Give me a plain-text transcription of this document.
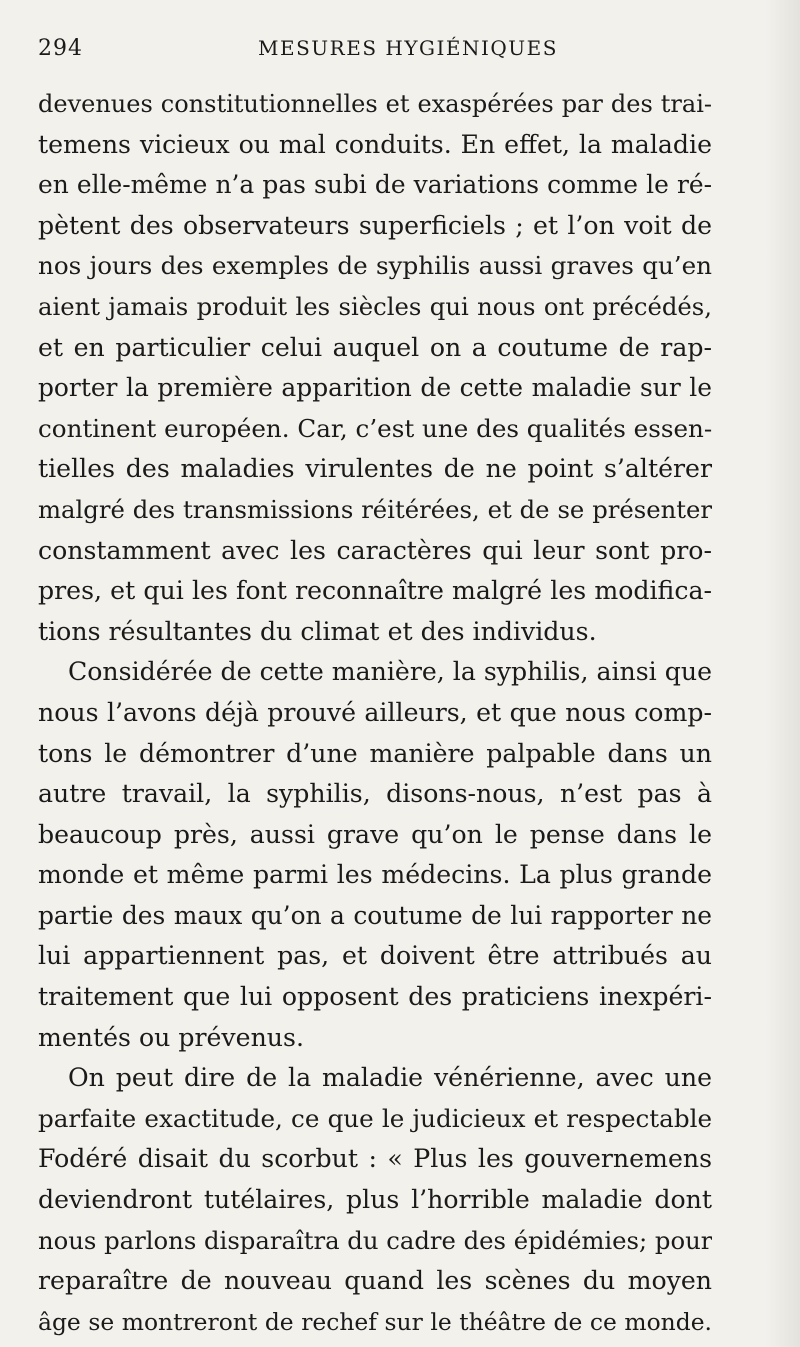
294	MESURES HYGIÉNIQUES
devenues constitutionnelles et exaspérées par des trai-
temens vicieux ou mal conduits. En effet, la maladie
en elle-même n’a pas subi de variations comme le ré-
pètent des observateurs superficiels ; et l’on voit de
nos jours des exemples de syphilis aussi graves qu’en
aient jamais produit les siècles qui nous ont précédés,
et en particulier celui auquel on a coutume de rap-
porter la première apparition de cette maladie sur le
continent européen. Car, c’est une des qualités essen-
tielles des maladies virulentes de ne point s’altérer
malgré des transmissions réitérées, et de se présenter
constamment avec les caractères qui leur sont pro-
pres, et qui les font reconnaître malgré les modifica-
tions résultantes du climat et des individus.
Considérée de cette manière, la syphilis, ainsi que
nous l’avons déjà prouvé ailleurs, et que nous comp-
tons le démontrer d’une manière palpable dans un
autre travail, la syphilis, disons-nous, n’est pas à
beaucoup près, aussi grave qu’on le pense dans le
monde et même parmi les médecins. La plus grande
partie des maux qu’on a coutume de lui rapporter ne
lui appartiennent pas, et doivent être attribués au
traitement que lui opposent des praticiens inexpéri-
mentés ou prévenus.
On peut dire de la maladie vénérienne, avec une
parfaite exactitude, ce que le judicieux et respectable
Fodéré disait du scorbut : « Plus les gouvernemens
deviendront tutélaires, plus l’horrible maladie dont
nous parlons disparaîtra du cadre des épidémies; pour
reparaître de nouveau quand les scènes du moyen
âge se montreront de rechef sur le théâtre de ce monde.
